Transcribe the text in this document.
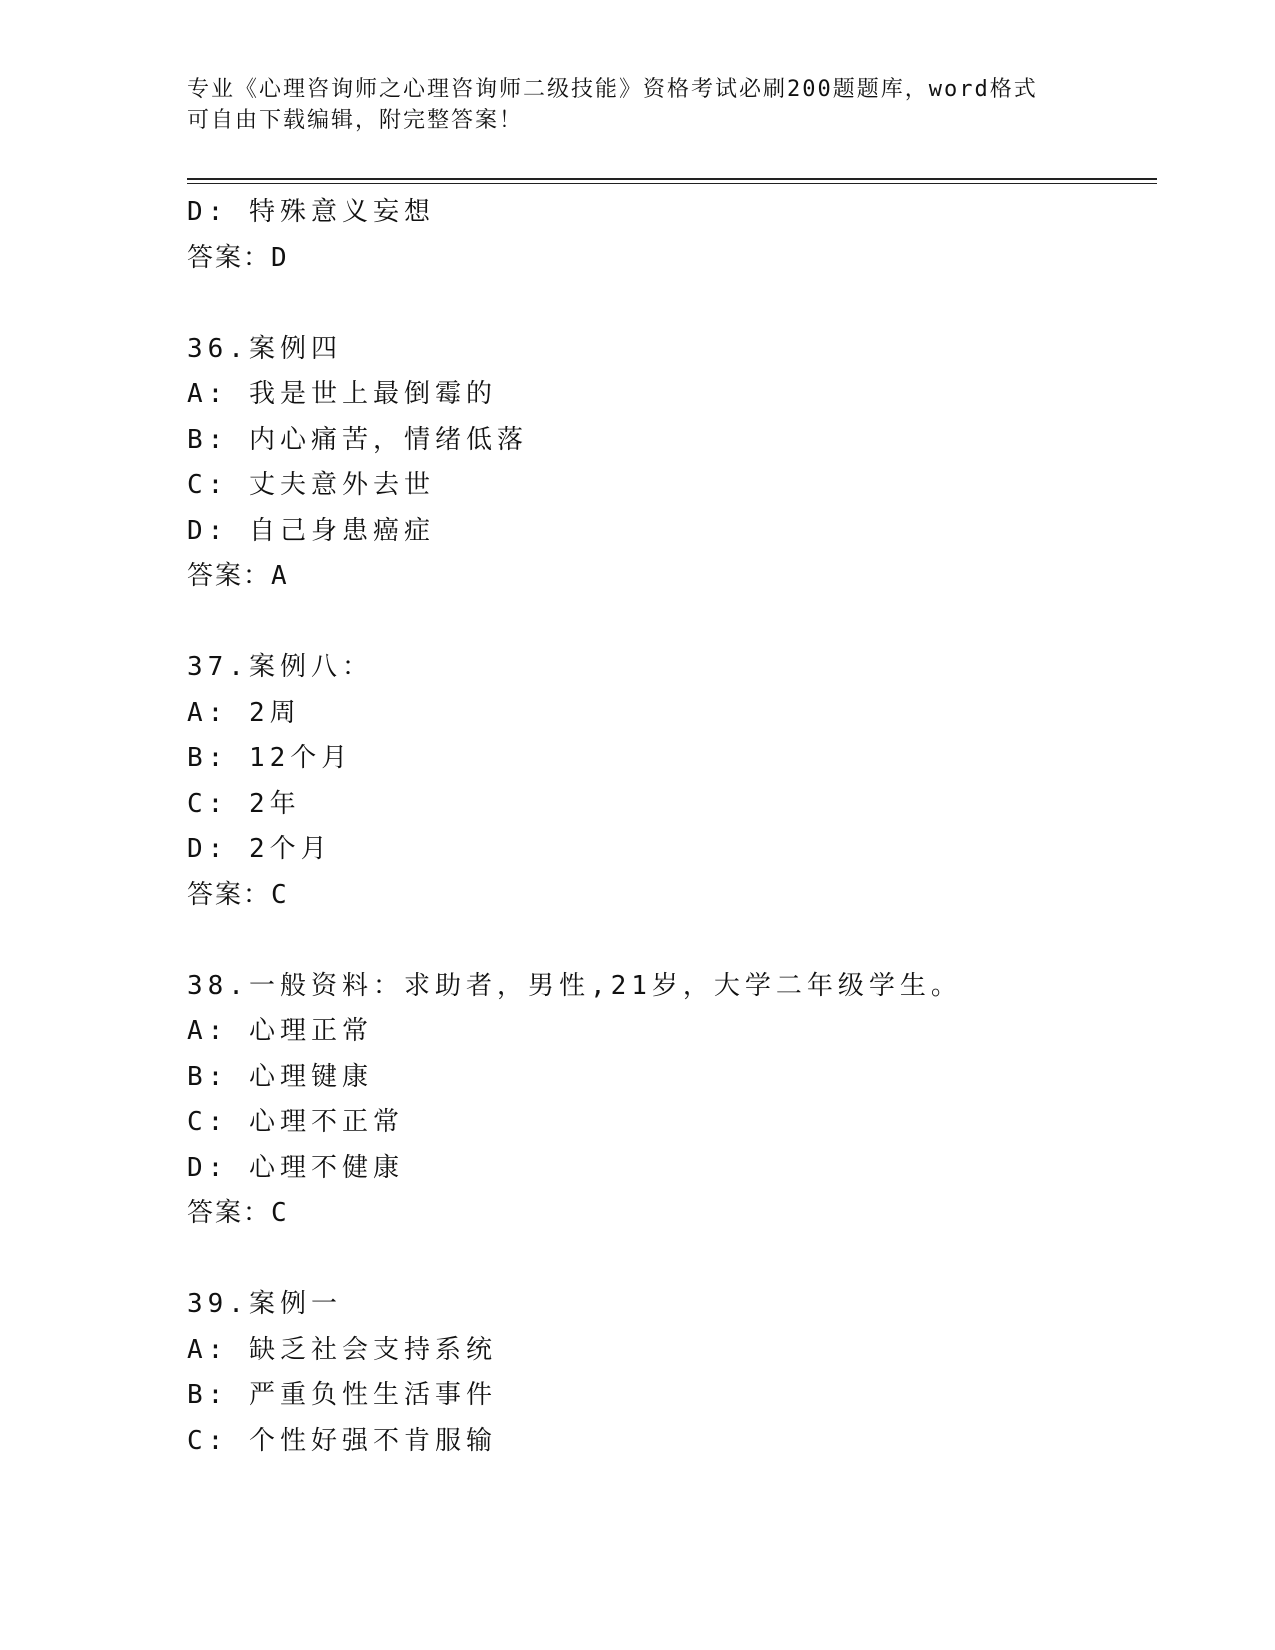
专业《心理咨询师之心理咨询师二级技能》资格考试必刷200题题库，word格式
可自由下载编辑，附完整答案！
D: 特殊意义妄想
答案：D
36.案例四
A: 我是世上最倒霉的
B: 内心痛苦，情绪低落
C: 丈夫意外去世
D: 自己身患癌症
答案：A
37.案例八：
A: 2周
B: 12个月
C: 2年
D: 2个月
答案：C
38.一般资料：求助者，男性,21岁，大学二年级学生。
A: 心理正常
B: 心理键康
C: 心理不正常
D: 心理不健康
答案：C
39.案例一
A: 缺乏社会支持系统
B: 严重负性生活事件
C: 个性好强不肯服输
